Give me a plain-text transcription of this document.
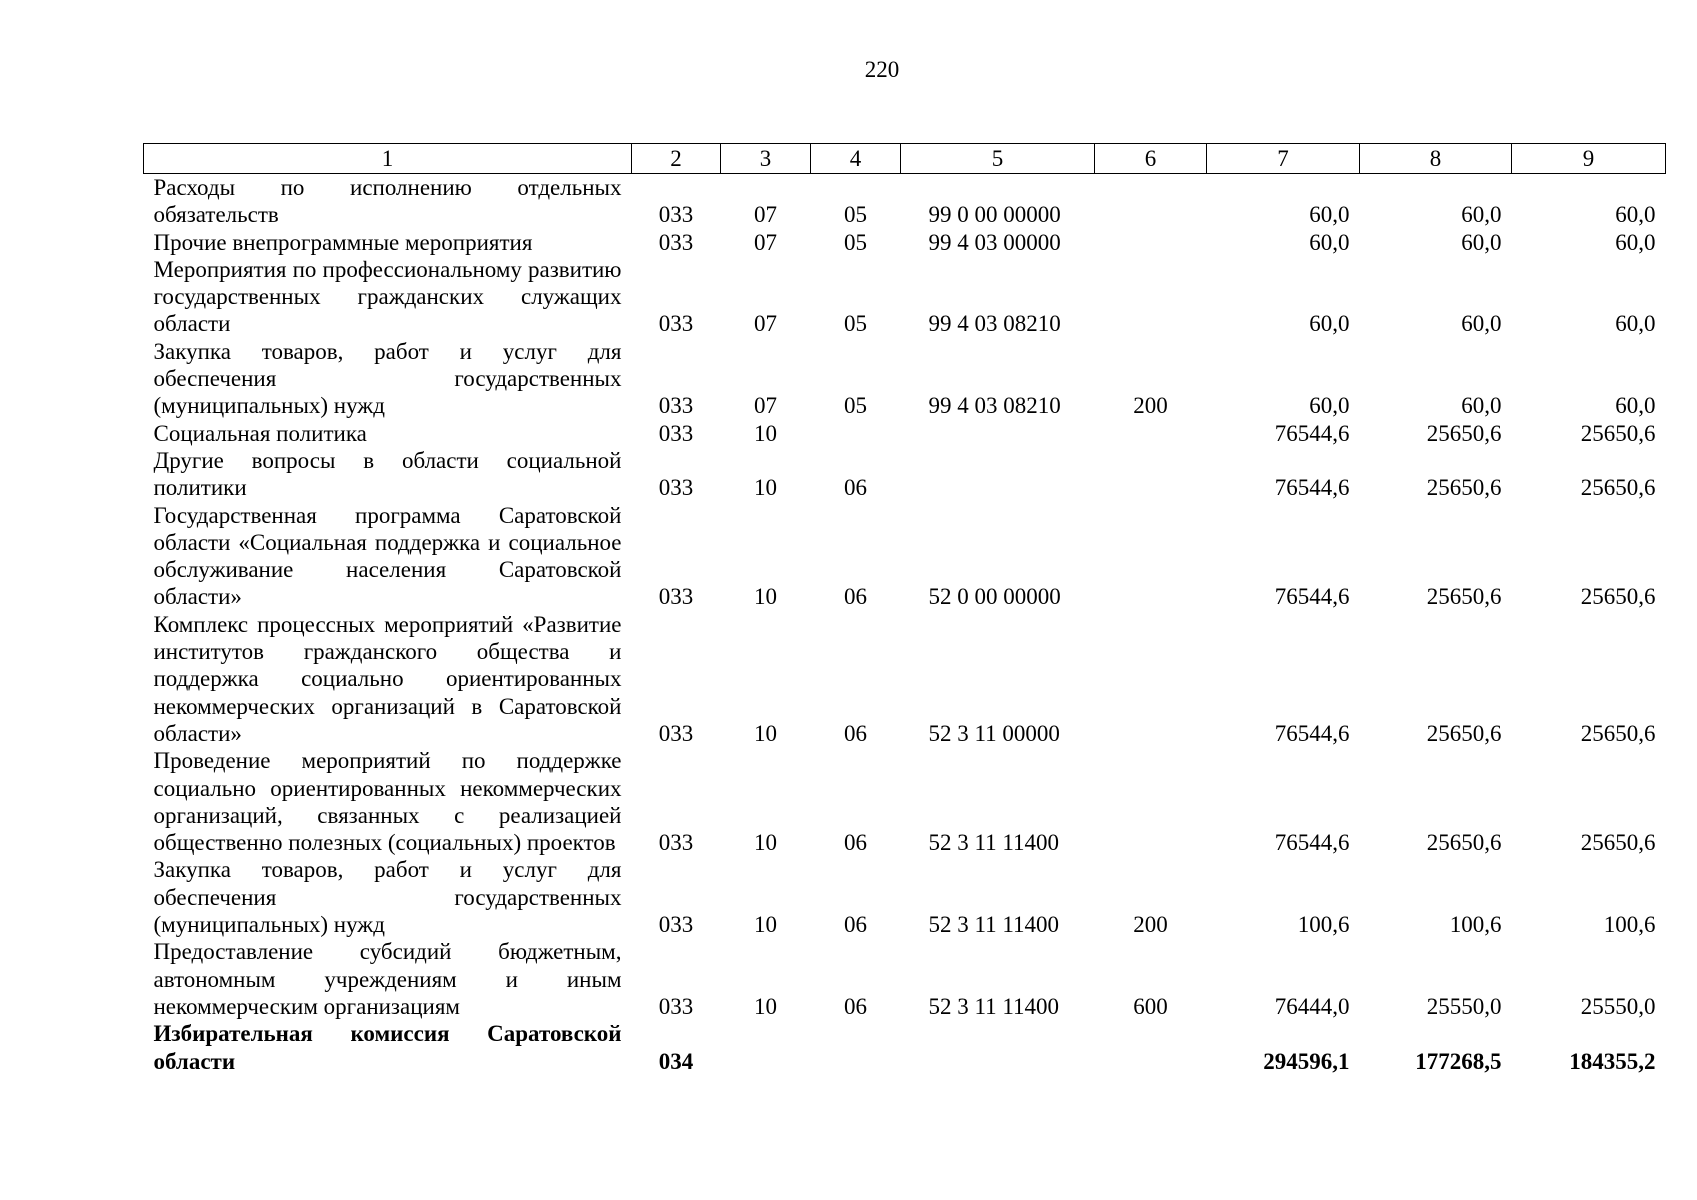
220
1	2	3	4	5	6	7	8	9
Расходы по исполнению отдельных обязательств	033	07	05	99 0 00 00000		60,0	60,0	60,0
Прочие внепрограммные мероприятия	033	07	05	99 4 03 00000		60,0	60,0	60,0
Мероприятия по профессиональному развитию государственных гражданских служащих области	033	07	05	99 4 03 08210		60,0	60,0	60,0
Закупка товаров, работ и услуг для обеспечения государственных (муниципальных) нужд	033	07	05	99 4 03 08210	200	60,0	60,0	60,0
Социальная политика	033	10				76544,6	25650,6	25650,6
Другие вопросы в области социальной политики	033	10	06			76544,6	25650,6	25650,6
Государственная программа Саратовской области «Социальная поддержка и социальное обслуживание населения Саратовской области»	033	10	06	52 0 00 00000		76544,6	25650,6	25650,6
Комплекс процессных мероприятий «Развитие институтов гражданского общества и поддержка социально ориентированных некоммерческих организаций в Саратовской области»	033	10	06	52 3 11 00000		76544,6	25650,6	25650,6
Проведение мероприятий по поддержке социально ориентированных некоммерческих организаций, связанных с реализацией общественно полезных (социальных) проектов	033	10	06	52 3 11 11400		76544,6	25650,6	25650,6
Закупка товаров, работ и услуг для обеспечения государственных (муниципальных) нужд	033	10	06	52 3 11 11400	200	100,6	100,6	100,6
Предоставление субсидий бюджетным, автономным учреждениям и иным некоммерческим организациям	033	10	06	52 3 11 11400	600	76444,0	25550,0	25550,0
Избирательная комиссия Саратовской области	034					294596,1	177268,5	184355,2
